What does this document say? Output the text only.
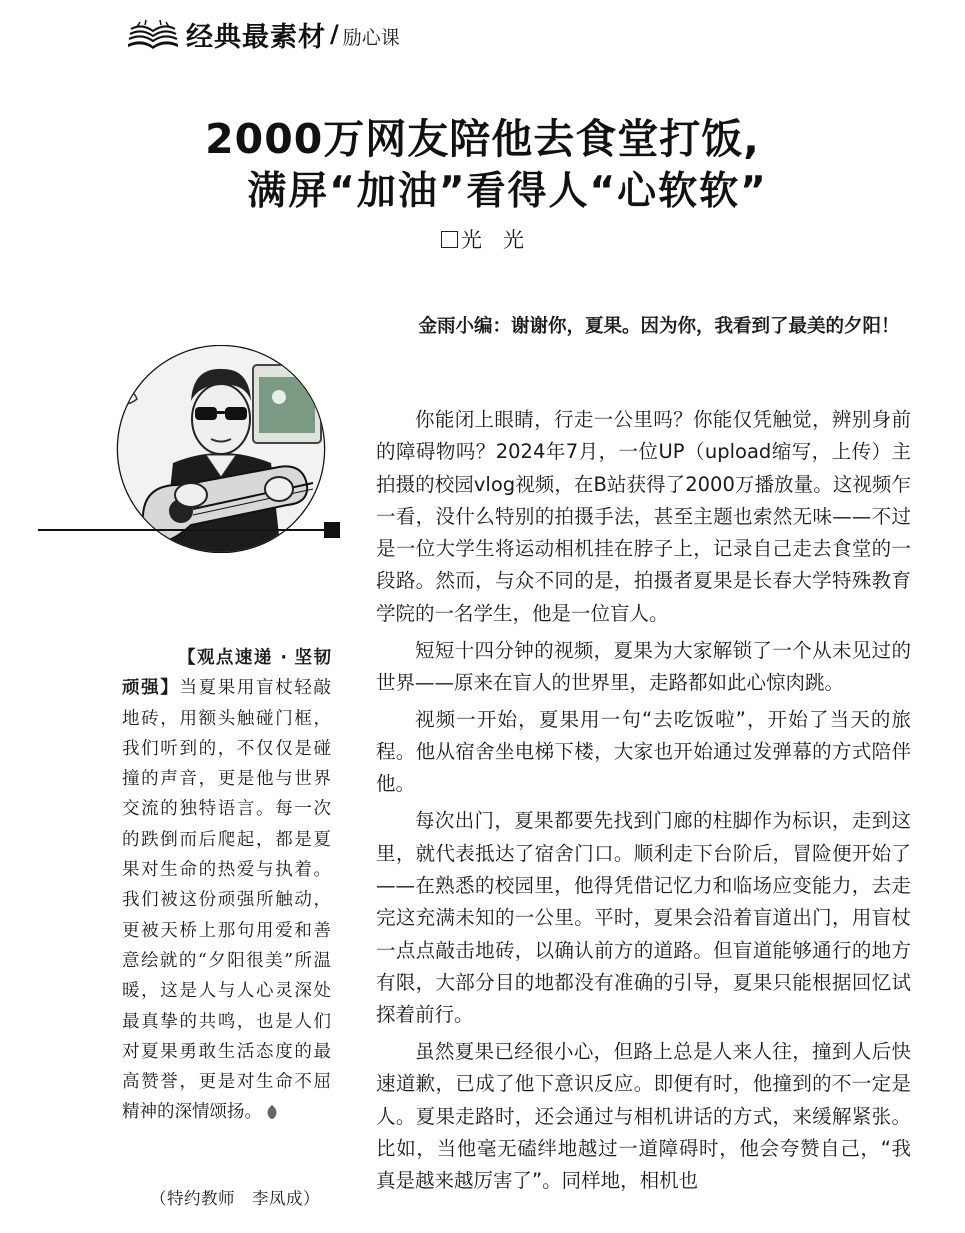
经典最素材 / 励心课
2000万网友陪他去食堂打饭,
满屏“加油”看得人“心软软”
光　光

【观点速递 · 坚韧顽强】当夏果用盲杖轻敲地砖，用额头触碰门框，我们听到的，不仅仅是碰撞的声音，更是他与世界交流的独特语言。每一次的跌倒而后爬起，都是夏果对生命的热爱与执着。我们被这份顽强所触动，更被天桥上那句用爱和善意绘就的“夕阳很美”所温暖，这是人与人心灵深处最真挚的共鸣，也是人们对夏果勇敢生活态度的最高赞誉，更是对生命不屈精神的深情颂扬。

（特约教师　李凤成）
金雨小编：谢谢你，夏果。因为你，我看到了最美的夕阳！

你能闭上眼睛，行走一公里吗？你能仅凭触觉，辨别身前的障碍物吗？2024年7月，一位UP（upload缩写，上传）主拍摄的校园vlog视频，在B站获得了2000万播放量。这视频乍一看，没什么特别的拍摄手法，甚至主题也索然无味——不过是一位大学生将运动相机挂在脖子上，记录自己走去食堂的一段路。然而，与众不同的是，拍摄者夏果是长春大学特殊教育学院的一名学生，他是一位盲人。

短短十四分钟的视频，夏果为大家解锁了一个从未见过的世界——原来在盲人的世界里，走路都如此心惊肉跳。

视频一开始，夏果用一句“去吃饭啦”，开始了当天的旅程。他从宿舍坐电梯下楼，大家也开始通过发弹幕的方式陪伴他。

每次出门，夏果都要先找到门廊的柱脚作为标识，走到这里，就代表抵达了宿舍门口。顺利走下台阶后，冒险便开始了——在熟悉的校园里，他得凭借记忆力和临场应变能力，去走完这充满未知的一公里。平时，夏果会沿着盲道出门，用盲杖一点点敲击地砖，以确认前方的道路。但盲道能够通行的地方有限，大部分目的地都没有准确的引导，夏果只能根据回忆试探着前行。

虽然夏果已经很小心，但路上总是人来人往，撞到人后快速道歉，已成了他下意识反应。即便有时，他撞到的不一定是人。夏果走路时，还会通过与相机讲话的方式，来缓解紧张。比如，当他毫无磕绊地越过一道障碍时，他会夸赞自己，“我真是越来越厉害了”。同样地，相机也
